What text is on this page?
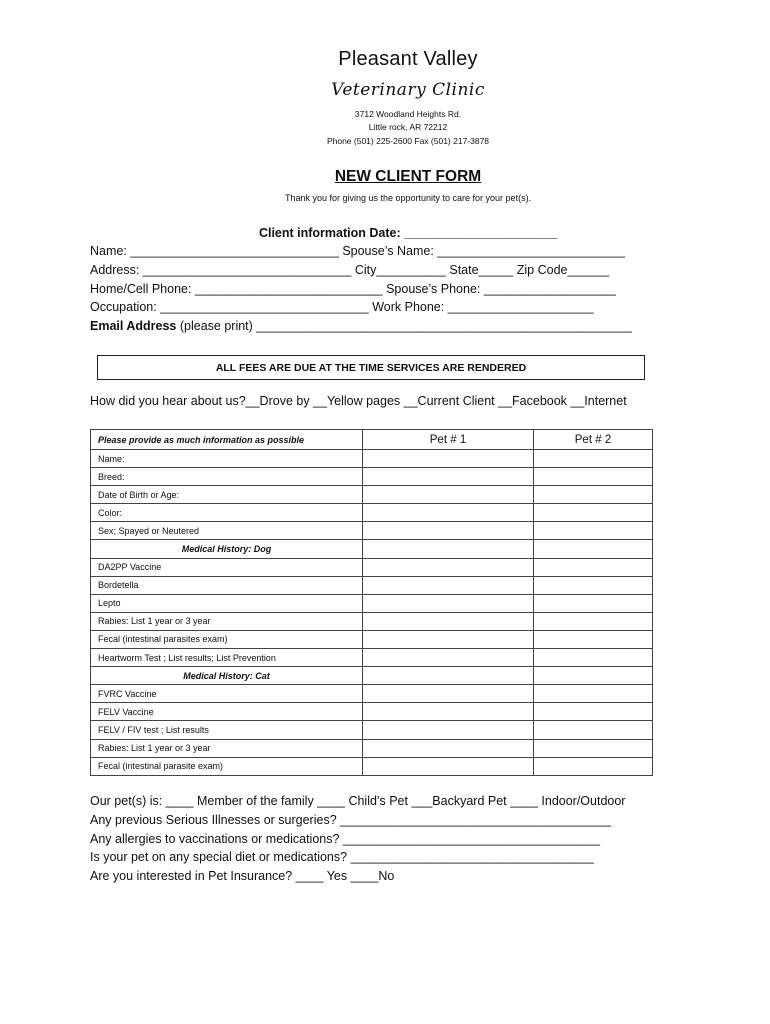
Pleasant Valley
Veterinary Clinic
3712 Woodland Heights Rd.
Little rock, AR 72212
Phone (501) 225-2600 Fax (501) 217-3878
NEW CLIENT FORM
Thank you for giving us the opportunity to care for your pet(s).
Client information Date: ______________________
Name: ______________________________ Spouse’s Name: ___________________________
Address: ______________________________ City__________ State_____ Zip Code______
Home/Cell Phone: ___________________________ Spouse’s Phone: ___________________
Occupation: ______________________________ Work Phone: _____________________
Email Address (please print) ______________________________________________________
ALL FEES ARE DUE AT THE TIME SERVICES ARE RENDERED
How did you hear about us?__Drove by __Yellow pages __Current Client __Facebook __Internet
Please provide as much information as possible	Pet # 1	Pet # 2
Name:		
Breed:		
Date of Birth or Age:		
Color:		
Sex; Spayed or Neutered		
Medical History: Dog		
DA2PP Vaccine		
Bordetella		
Lepto		
Rabies: List 1 year or 3 year		
Fecal (intestinal parasites exam)		
Heartworm Test ; List results; List Prevention		
Medical History: Cat		
FVRC Vaccine		
FELV Vaccine		
FELV / FIV test ; List results		
Rabies: List 1 year or 3 year		
Fecal (intestinal parasite exam)		
Our pet(s) is: ____ Member of the family ____ Child’s Pet ___Backyard Pet ____ Indoor/Outdoor
Any previous Serious Illnesses or surgeries? _______________________________________
Any allergies to vaccinations or medications? _____________________________________
Is your pet on any special diet or medications? ___________________________________
Are you interested in Pet Insurance? ____ Yes ____No
